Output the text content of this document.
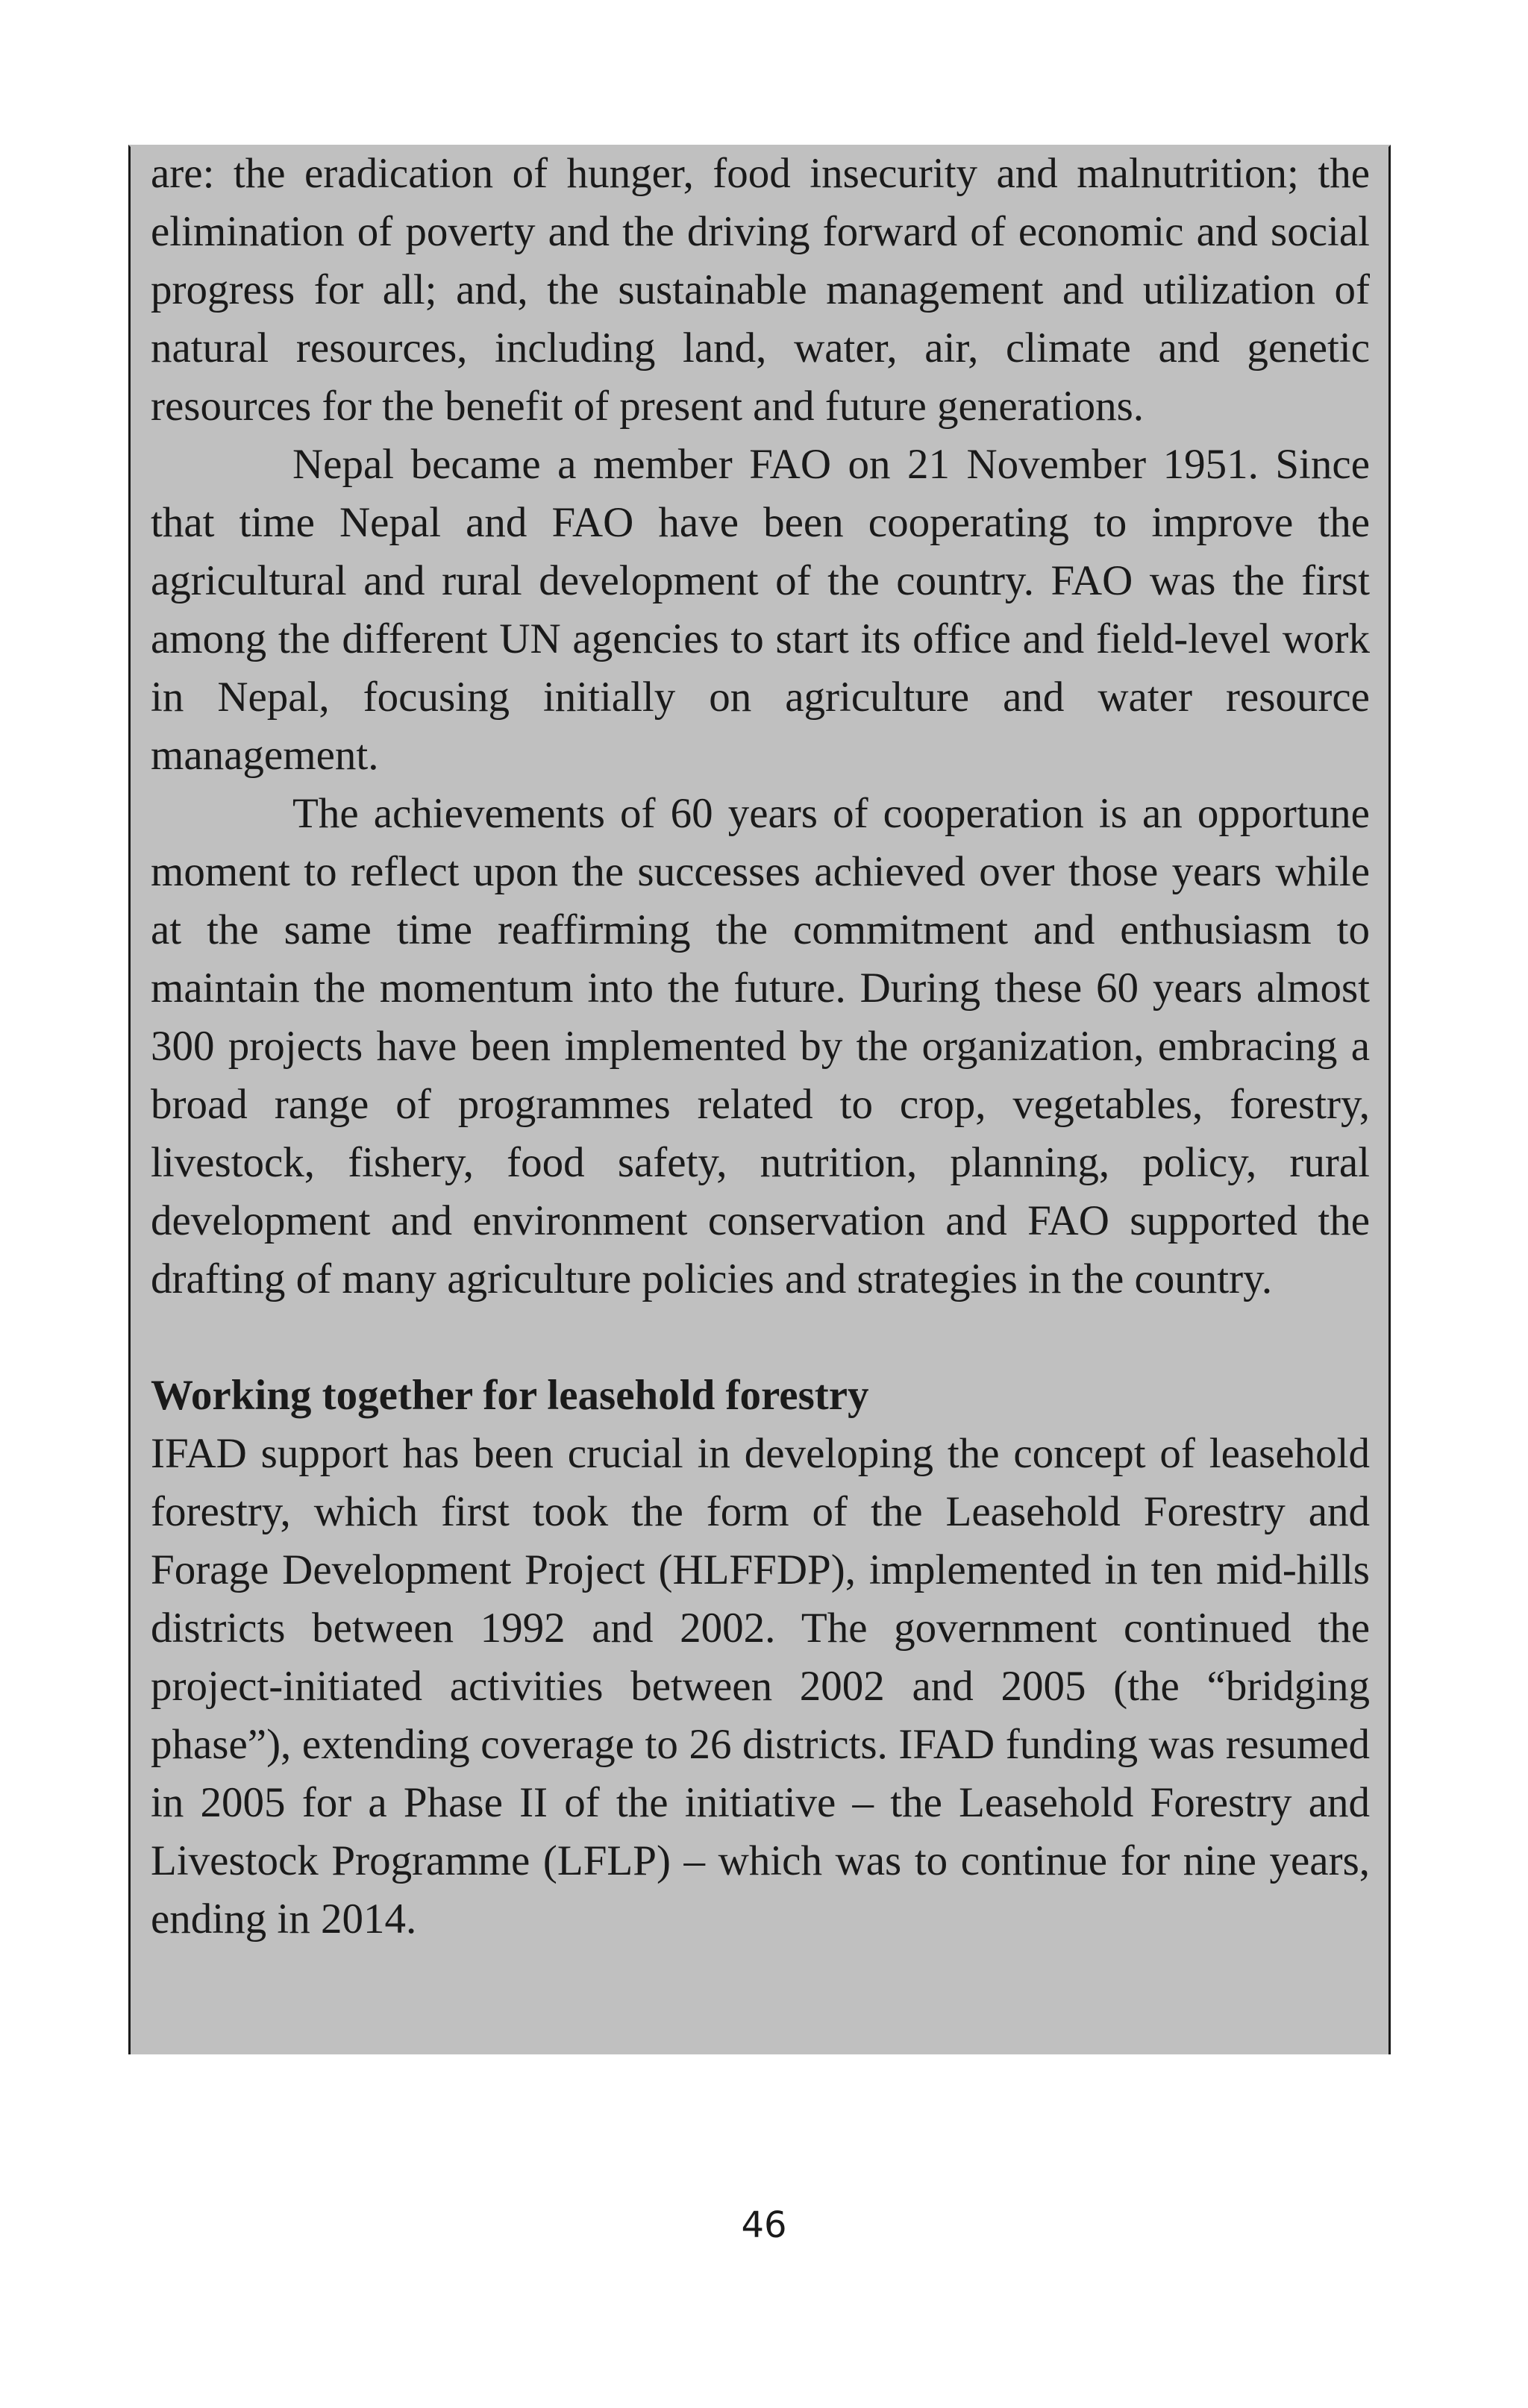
are: the eradication of hunger, food insecurity and malnutrition; the elimination of poverty and the driving forward of economic and social progress for all; and, the sustainable management and utilization of natural resources, including land, water, air, climate and genetic resources for the benefit of present and future generations.

Nepal became a member FAO on 21 November 1951. Since that time Nepal and FAO have been cooperating to improve the agricultural and rural development of the country. FAO was the first among the different UN agencies to start its office and field-level work in Nepal, focusing initially on agriculture and water resource management.

The achievements of 60 years of cooperation is an opportune moment to reflect upon the successes achieved over those years while at the same time reaffirming the commitment and enthusiasm to maintain the momentum into the future. During these 60 years almost 300 projects have been implemented by the organization, embracing a broad range of programmes related to crop, vegetables, forestry, livestock, fishery, food safety, nutrition, planning, policy, rural development and environment conservation and FAO supported the drafting of many agriculture policies and strategies in the country.

Working together for leasehold forestry

IFAD support has been crucial in developing the concept of leasehold forestry, which first took the form of the Leasehold Forestry and Forage Development Project (HLFFDP), implemented in ten mid-hills districts between 1992 and 2002. The government continued the project-initiated activities between 2002 and 2005 (the “bridging phase”), extending coverage to 26 districts. IFAD funding was resumed in 2005 for a Phase II of the initiative – the Leasehold Forestry and Livestock Programme (LFLP) – which was to continue for nine years, ending in 2014.

46
